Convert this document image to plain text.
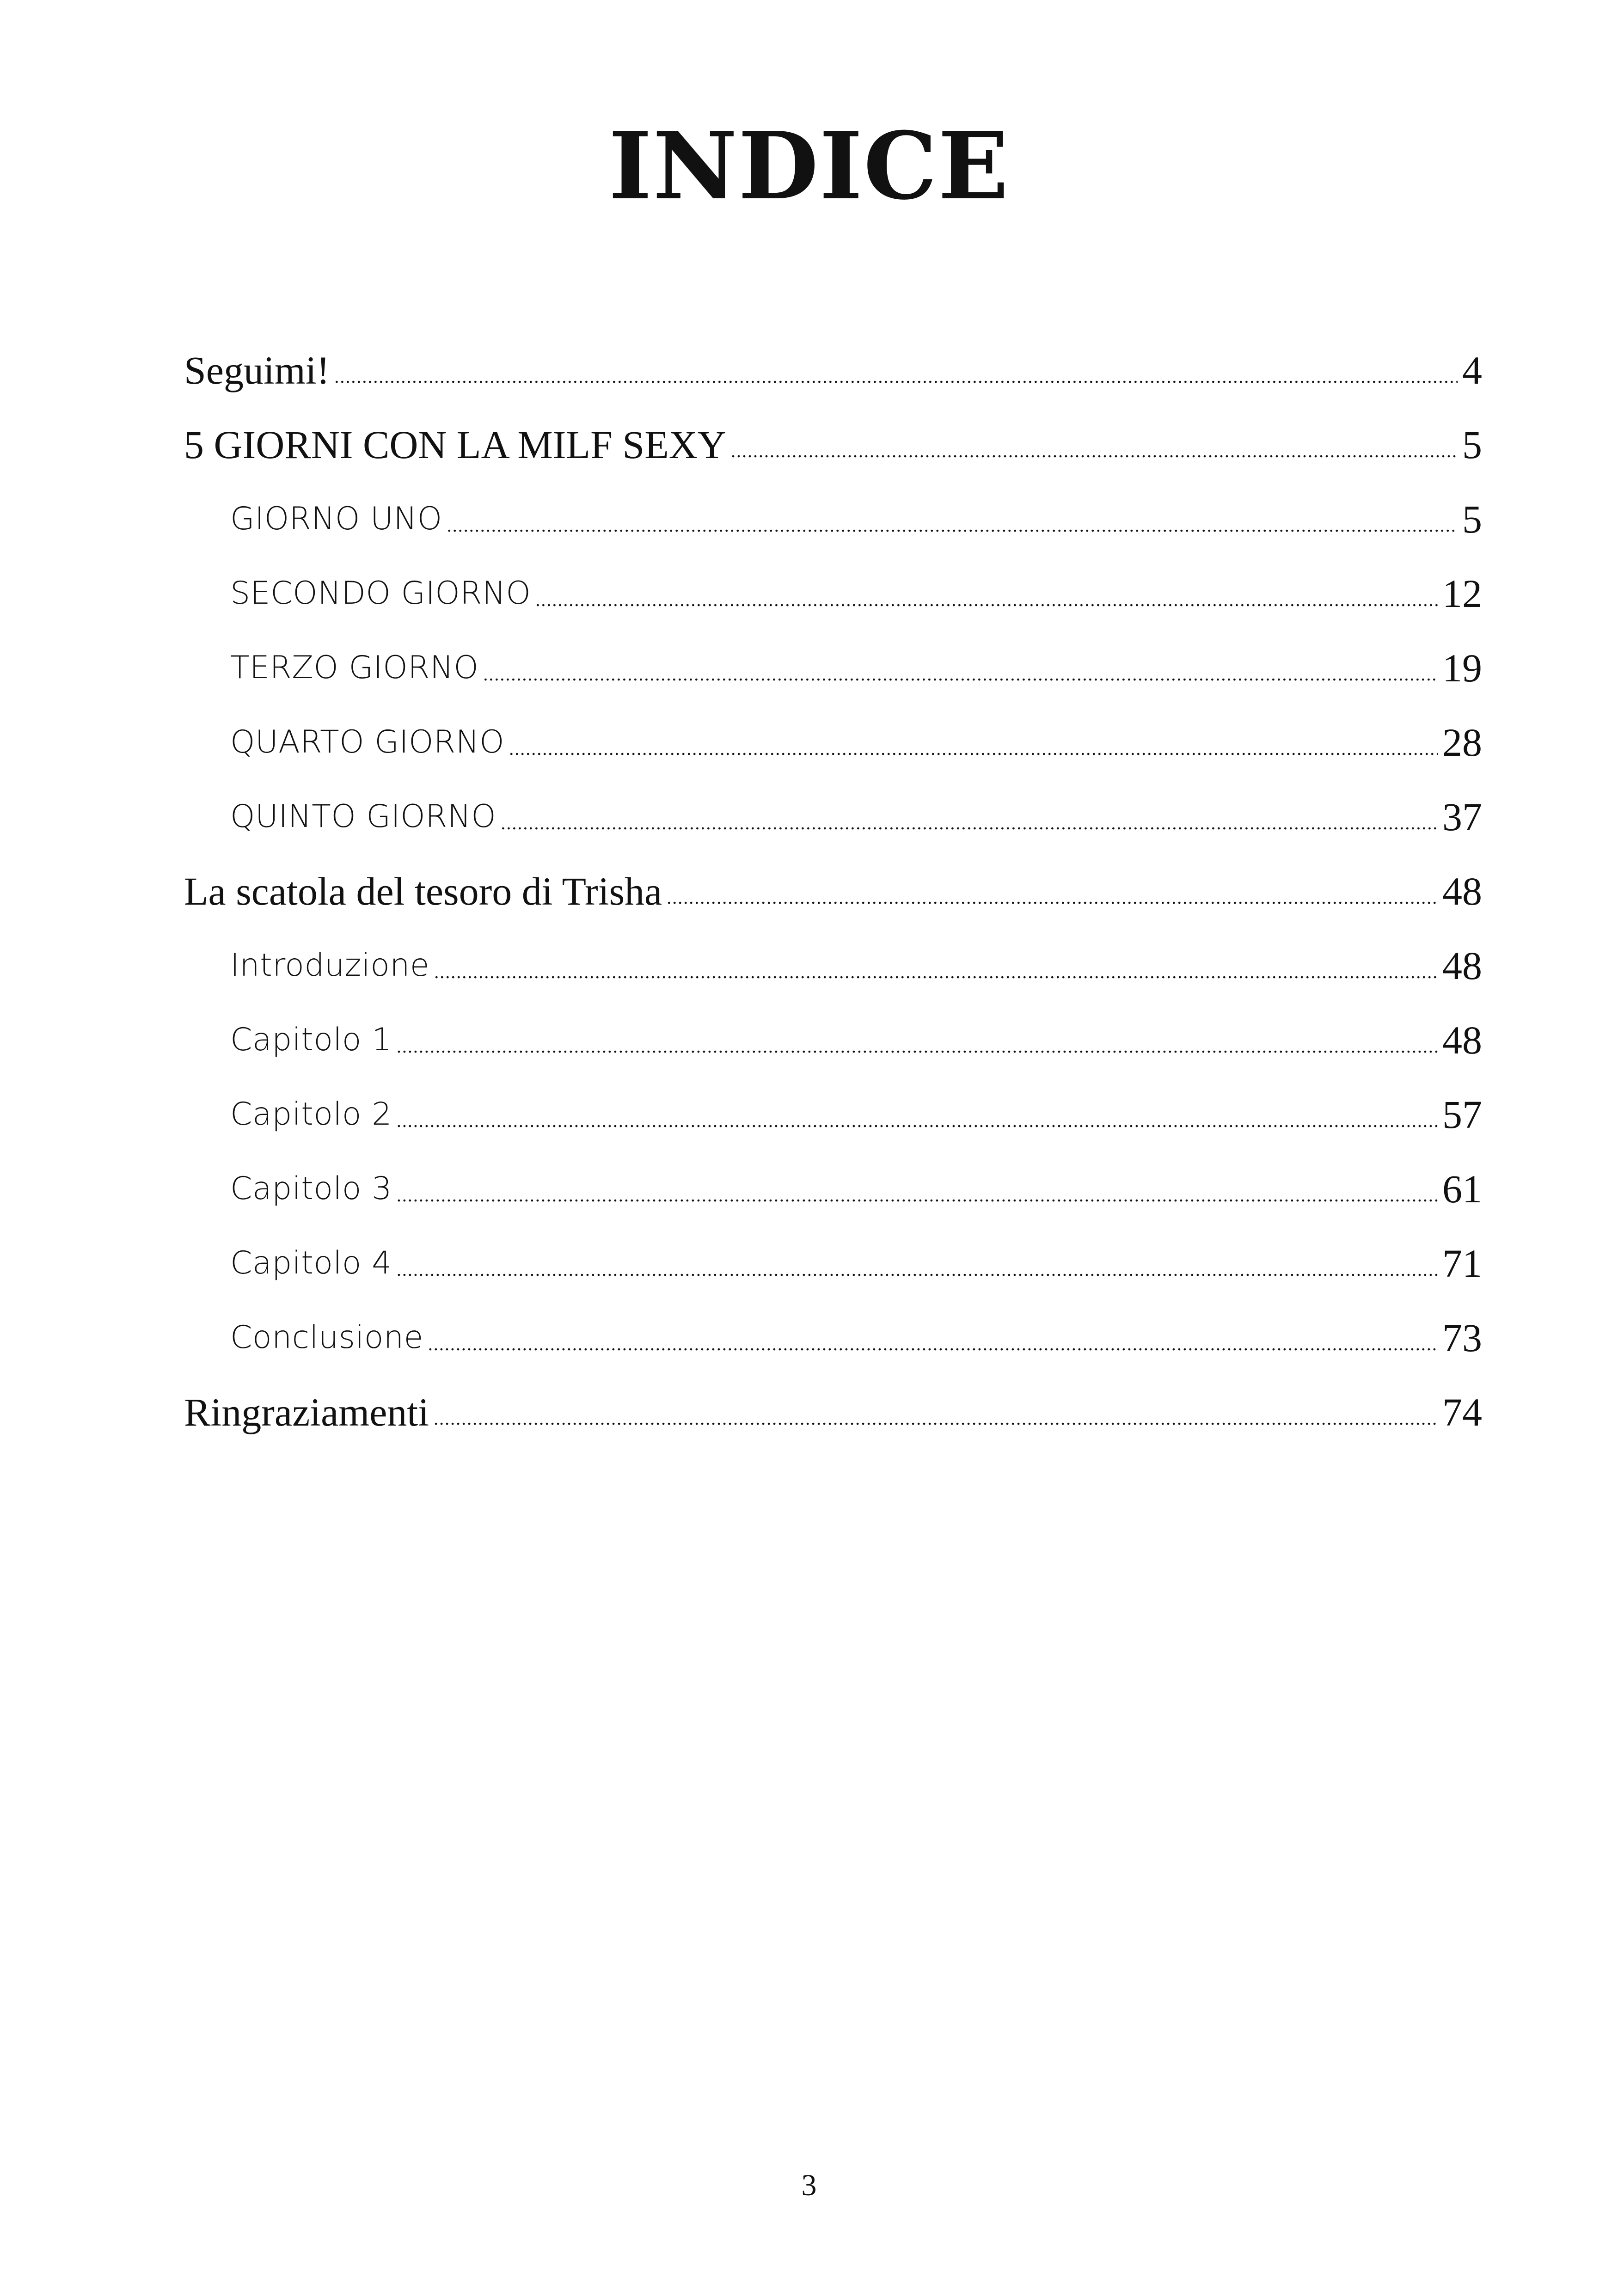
INDICE
Seguimi! .....	4
5 GIORNI CON LA MILF SEXY .....	5
GIORNO UNO .....	5
SECONDO GIORNO .....	12
TERZO GIORNO .....	19
QUARTO GIORNO .....	28
QUINTO GIORNO .....	37
La scatola del tesoro di Trisha .....	48
Introduzione .....	48
Capitolo 1 .....	48
Capitolo 2 .....	57
Capitolo 3 .....	61
Capitolo 4 .....	71
Conclusione .....	73
Ringraziamenti .....	74
3
